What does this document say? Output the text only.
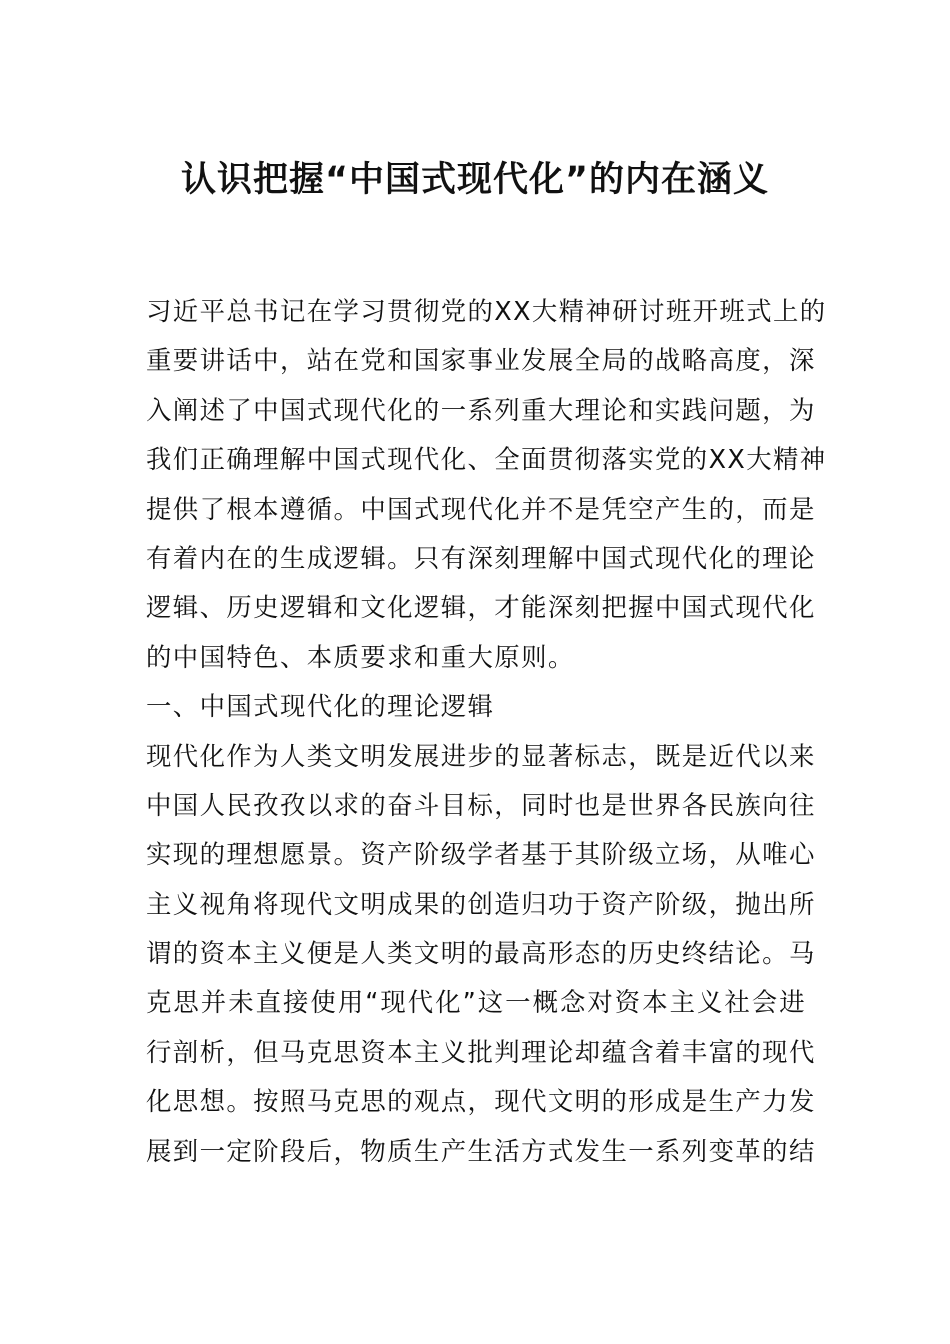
认识把握“中国式现代化”的内在涵义
习近平总书记在学习贯彻党的XX大精神研讨班开班式上的
重要讲话中，站在党和国家事业发展全局的战略高度，深
入阐述了中国式现代化的一系列重大理论和实践问题，为
我们正确理解中国式现代化、全面贯彻落实党的XX大精神
提供了根本遵循。中国式现代化并不是凭空产生的，而是
有着内在的生成逻辑。只有深刻理解中国式现代化的理论
逻辑、历史逻辑和文化逻辑，才能深刻把握中国式现代化
的中国特色、本质要求和重大原则。
一、中国式现代化的理论逻辑
现代化作为人类文明发展进步的显著标志，既是近代以来
中国人民孜孜以求的奋斗目标，同时也是世界各民族向往
实现的理想愿景。资产阶级学者基于其阶级立场，从唯心
主义视角将现代文明成果的创造归功于资产阶级，抛出所
谓的资本主义便是人类文明的最高形态的历史终结论。马
克思并未直接使用“现代化”这一概念对资本主义社会进
行剖析，但马克思资本主义批判理论却蕴含着丰富的现代
化思想。按照马克思的观点，现代文明的形成是生产力发
展到一定阶段后，物质生产生活方式发生一系列变革的结
